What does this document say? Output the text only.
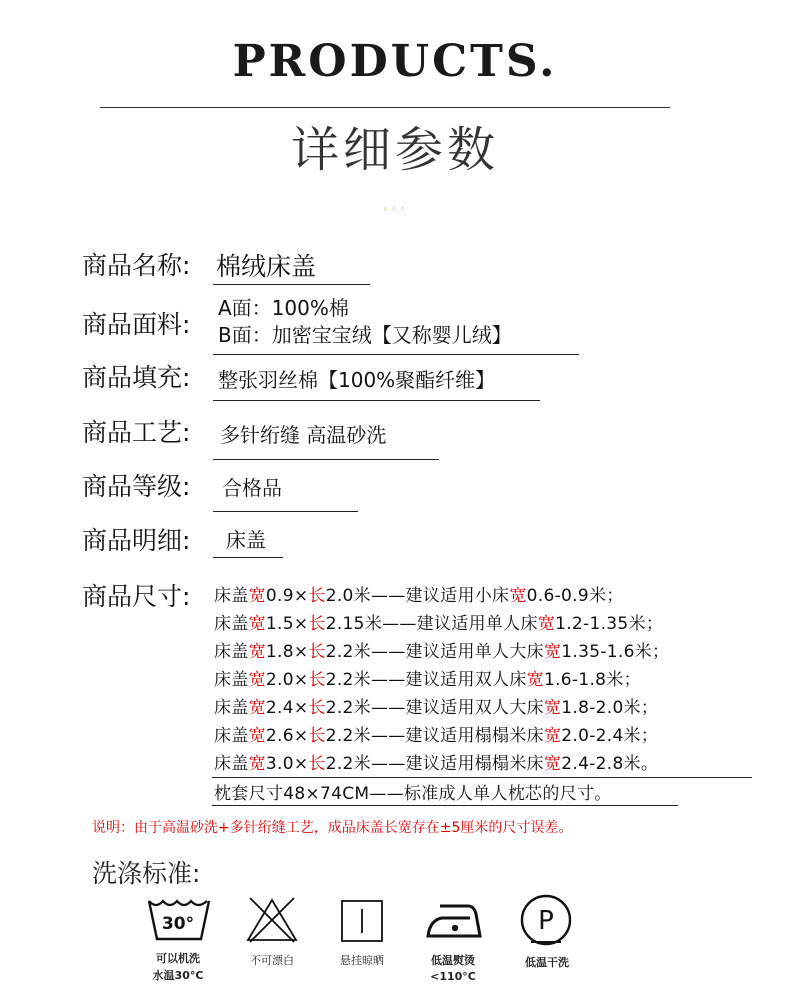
PRODUCTS.
详细参数
◦◦◦
商品名称: 棉绒床盖
商品面料:
A面：100%棉
B面：加密宝宝绒【又称婴儿绒】
商品填充: 整张羽丝棉【100%聚酯纤维】
商品工艺: 多针绗缝 高温砂洗
商品等级: 合格品
商品明细: 床盖
商品尺寸: 床盖宽0.9×长2.0米——建议适用小床宽0.6-0.9米；
床盖宽1.5×长2.15米——建议适用单人床宽1.2-1.35米；
床盖宽1.8×长2.2米——建议适用单人大床宽1.35-1.6米；
床盖宽2.0×长2.2米——建议适用双人床宽1.6-1.8米；
床盖宽2.4×长2.2米——建议适用双人大床宽1.8-2.0米；
床盖宽2.6×长2.2米——建议适用榻榻米床宽2.0-2.4米；
床盖宽3.0×长2.2米——建议适用榻榻米床宽2.4-2.8米。
枕套尺寸48×74CM——标准成人单人枕芯的尺寸。
说明：由于高温砂洗+多针绗缝工艺，成品床盖长宽存在±5厘米的尺寸误差。
洗涤标准:
30°
可以机洗
水温30°C
不可漂白	悬挂晾晒	低温熨烫
<110°C
P
低温干洗
